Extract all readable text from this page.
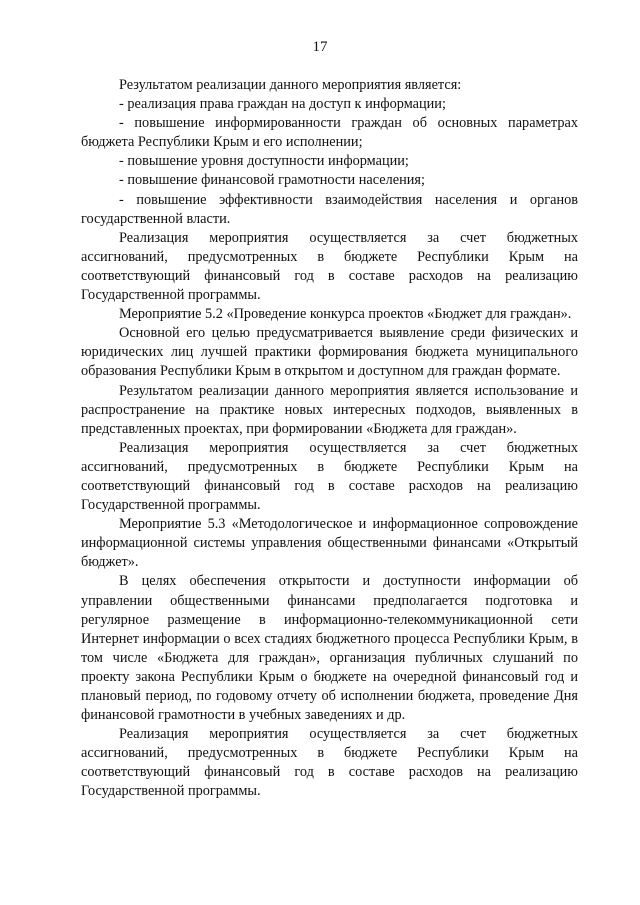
17

Результатом реализации данного мероприятия является:

- реализация права граждан на доступ к информации;

- повышение информированности граждан об основных параметрах бюджета Республики Крым и его исполнении;

- повышение уровня доступности информации;

- повышение финансовой грамотности населения;

- повышение эффективности взаимодействия населения и органов государственной власти.

Реализация мероприятия осуществляется за счет бюджетных ассигнований, предусмотренных в бюджете Республики Крым на соответствующий финансовый год в составе расходов на реализацию Государственной программы.

Мероприятие 5.2 «Проведение конкурса проектов «Бюджет для граждан».

Основной его целью предусматривается выявление среди физических и юридических лиц лучшей практики формирования бюджета муниципального образования Республики Крым в открытом и доступном для граждан формате.

Результатом реализации данного мероприятия является использование и распространение на практике новых интересных подходов, выявленных в представленных проектах, при формировании «Бюджета для граждан».

Реализация мероприятия осуществляется за счет бюджетных ассигнований, предусмотренных в бюджете Республики Крым на соответствующий финансовый год в составе расходов на реализацию Государственной программы.

Мероприятие 5.3 «Методологическое и информационное сопровождение информационной системы управления общественными финансами «Открытый бюджет».

В целях обеспечения открытости и доступности информации об управлении общественными финансами предполагается подготовка и регулярное размещение в информационно-телекоммуникационной сети Интернет информации о всех стадиях бюджетного процесса Республики Крым, в том числе «Бюджета для граждан», организация публичных слушаний по проекту закона Республики Крым о бюджете на очередной финансовый год и плановый период, по годовому отчету об исполнении бюджета, проведение Дня финансовой грамотности в учебных заведениях и др.

Реализация мероприятия осуществляется за счет бюджетных ассигнований, предусмотренных в бюджете Республики Крым на соответствующий финансовый год в составе расходов на реализацию Государственной программы.
